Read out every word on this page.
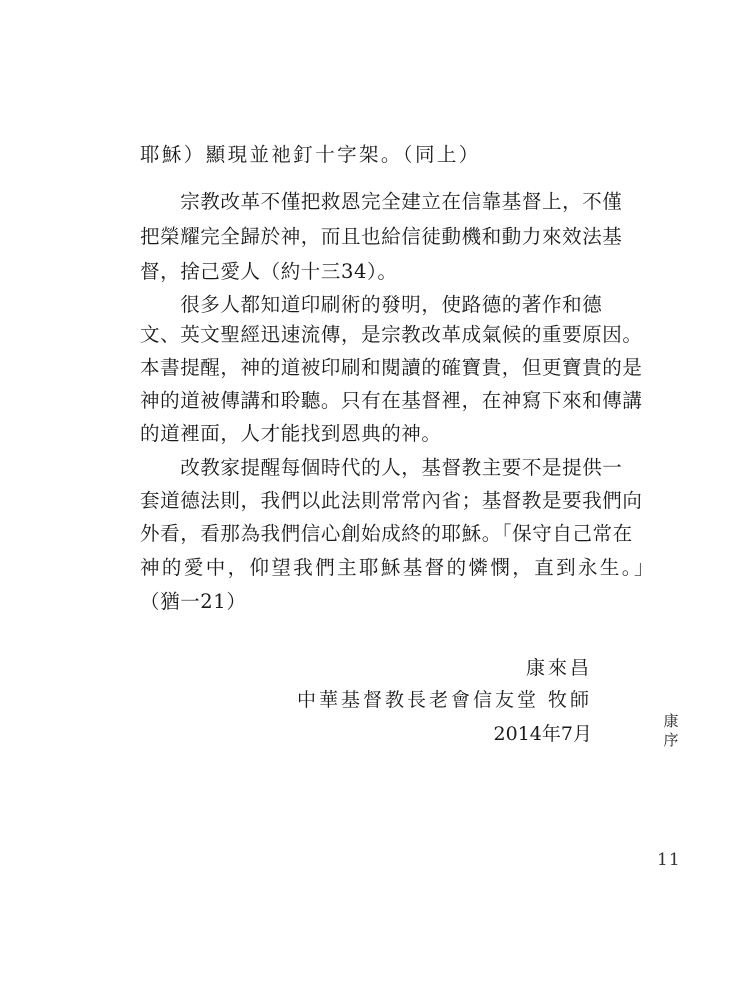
耶穌）顯現並祂釘十字架。（同上）
　　宗教改革不僅把救恩完全建立在信靠基督上，不僅
把榮耀完全歸於神，而且也給信徒動機和動力來效法基
督，捨己愛人（約十三34）。
　　很多人都知道印刷術的發明，使路德的著作和德
文、英文聖經迅速流傳，是宗教改革成氣候的重要原因。
本書提醒，神的道被印刷和閱讀的確寶貴，但更寶貴的是
神的道被傳講和聆聽。只有在基督裡，在神寫下來和傳講
的道裡面，人才能找到恩典的神。
　　改教家提醒每個時代的人，基督教主要不是提供一
套道德法則，我們以此法則常常內省；基督教是要我們向
外看，看那為我們信心創始成終的耶穌。「保守自己常在
神的愛中，仰望我們主耶穌基督的憐憫，直到永生。」
（猶一21）
康來昌
中華基督教長老會信友堂 牧師
2014年7月
康序
11
